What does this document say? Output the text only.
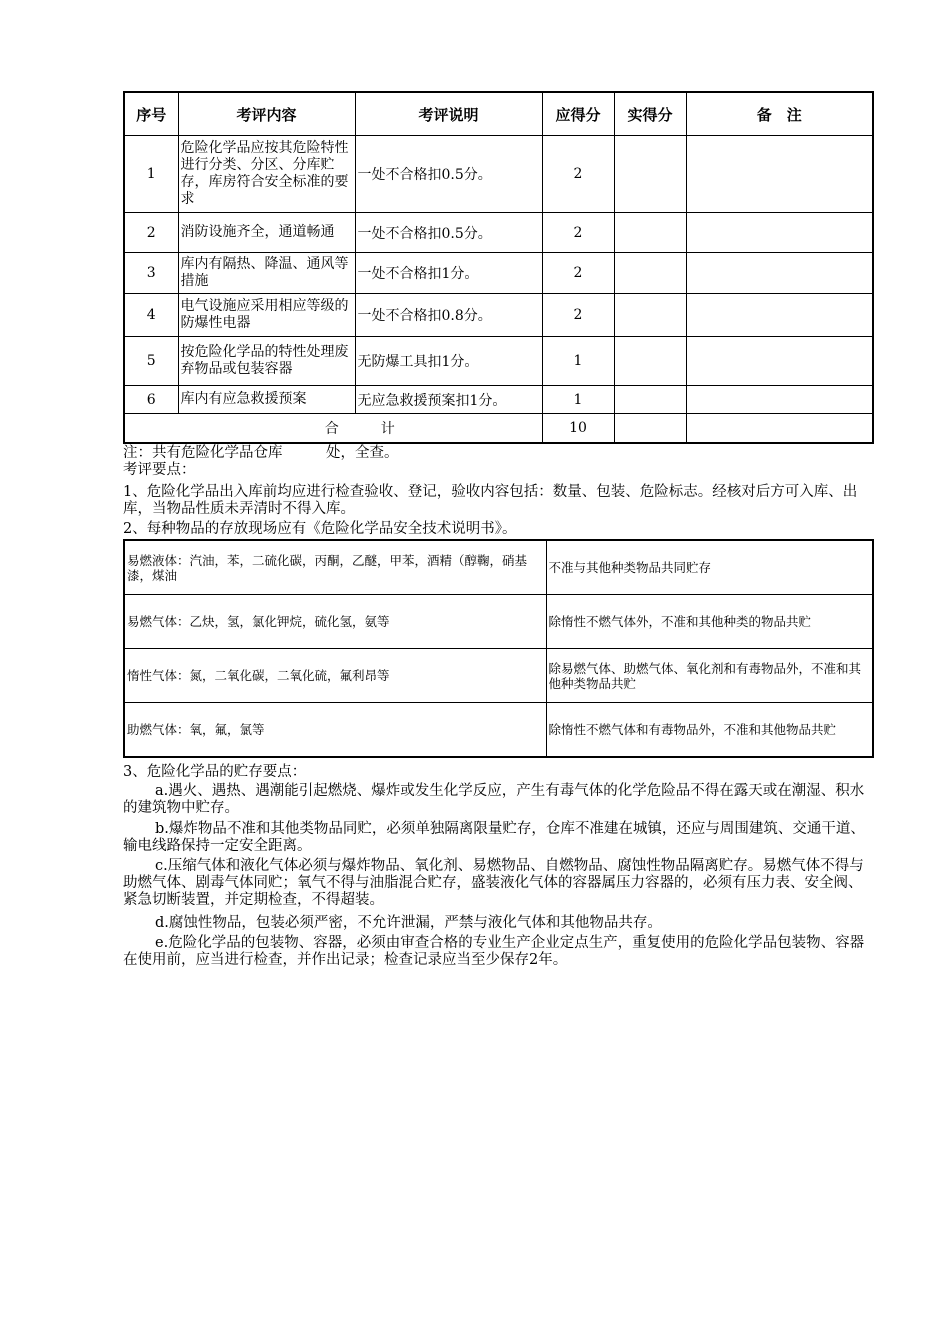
序号	考评内容	考评说明	应得分	实得分	备　注
1	危险化学品应按其危险特性进行分类、分区、分库贮存，库房符合安全标准的要求	一处不合格扣0.5分。	2		
2	消防设施齐全，通道畅通	一处不合格扣0.5分。	2		
3	库内有隔热、降温、通风等措施	一处不合格扣1分。	2		
4	电气设施应采用相应等级的防爆性电器	一处不合格扣0.8分。	2		
5	按危险化学品的特性处理废弃物品或包装容器	无防爆工具扣1分。	1		
6	库内有应急救援预案	无应急救援预案扣1分。	1		
	合　　　计		10		
注：共有危险化学品仓库　　　处，全查。
考评要点：
1、危险化学品出入库前均应进行检查验收、登记，验收内容包括：数量、包装、危险标志。经核对后方可入库、出库，当物品性质未弄清时不得入库。
2、每种物品的存放现场应有《危险化学品安全技术说明书》。
易燃液体：汽油，苯，二硫化碳，丙酮，乙醚，甲苯，酒精（醇鞠，硝基漆，煤油	不准与其他种类物品共同贮存
易燃气体：乙炔，氢，氯化钾烷，硫化氢，氨等	除惰性不燃气体外，不准和其他种类的物品共贮
惰性气体：氮，二氧化碳，二氧化硫，氟利昂等	除易燃气体、助燃气体、氧化剂和有毒物品外，不准和其他种类物品共贮
助燃气体：氧，氟，氯等	除惰性不燃气体和有毒物品外，不准和其他物品共贮
3、危险化学品的贮存要点：
a.遇火、遇热、遇潮能引起燃烧、爆炸或发生化学反应，产生有毒气体的化学危险品不得在露天或在潮湿、积水的建筑物中贮存。
b.爆炸物品不准和其他类物品同贮，必须单独隔离限量贮存，仓库不准建在城镇，还应与周围建筑、交通干道、输电线路保持一定安全距离。
c.压缩气体和液化气体必须与爆炸物品、氧化剂、易燃物品、自燃物品、腐蚀性物品隔离贮存。易燃气体不得与助燃气体、剧毒气体同贮；氧气不得与油脂混合贮存，盛装液化气体的容器属压力容器的，必须有压力表、安全阀、紧急切断装置，并定期检查，不得超装。
d.腐蚀性物品，包装必须严密，不允许泄漏，严禁与液化气体和其他物品共存。
e.危险化学品的包装物、容器，必须由审查合格的专业生产企业定点生产，重复使用的危险化学品包装物、容器在使用前，应当进行检查，并作出记录；检查记录应当至少保存2年。
